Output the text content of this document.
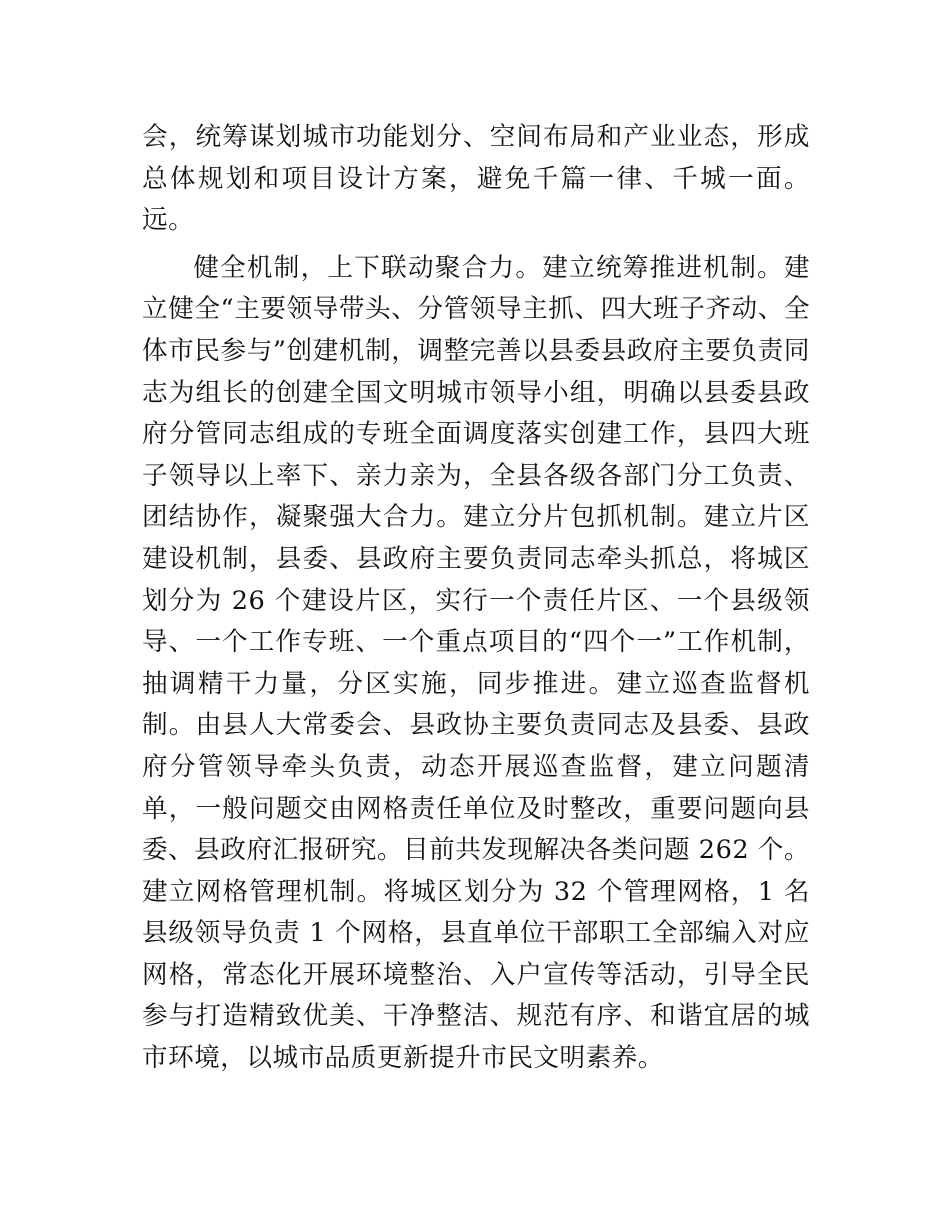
会，统筹谋划城市功能划分、空间布局和产业业态，形成总体规划和项目设计方案，避免千篇一律、千城一面。远。

健全机制，上下联动聚合力。建立统筹推进机制。建立健全“主要领导带头、分管领导主抓、四大班子齐动、全体市民参与”创建机制，调整完善以县委县政府主要负责同志为组长的创建全国文明城市领导小组，明确以县委县政府分管同志组成的专班全面调度落实创建工作，县四大班子领导以上率下、亲力亲为，全县各级各部门分工负责、团结协作，凝聚强大合力。建立分片包抓机制。建立片区建设机制，县委、县政府主要负责同志牵头抓总，将城区划分为 26 个建设片区，实行一个责任片区、一个县级领导、一个工作专班、一个重点项目的“四个一”工作机制，抽调精干力量，分区实施，同步推进。建立巡查监督机制。由县人大常委会、县政协主要负责同志及县委、县政府分管领导牵头负责，动态开展巡查监督，建立问题清单，一般问题交由网格责任单位及时整改，重要问题向县委、县政府汇报研究。目前共发现解决各类问题 262 个。建立网格管理机制。将城区划分为 32 个管理网格，1 名县级领导负责 1 个网格，县直单位干部职工全部编入对应网格，常态化开展环境整治、入户宣传等活动，引导全民参与打造精致优美、干净整洁、规范有序、和谐宜居的城市环境，以城市品质更新提升市民文明素养。
